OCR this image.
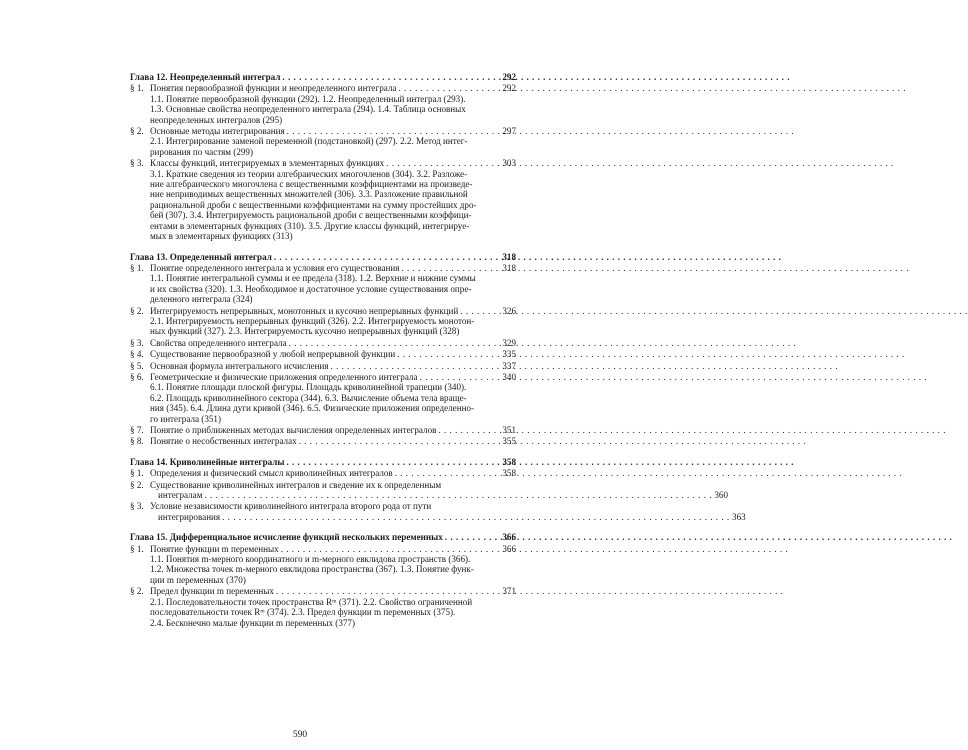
Глава 12. Неопределенный интеграл . . .	292
§ 1. Понятия первообразной функции и неопределенного интеграла . . .	292
1.1. Понятие первообразной функции (292). 1.2. Неопределенный интеграл (293).
1.3. Основные свойства неопределенного интеграла (294). 1.4. Таблица основных
неопределенных интегралов (295)
§ 2. Основные методы интегрирования . . .	297
2.1. Интегрирование заменой переменной (подстановкой) (297). 2.2. Метод интег-
рирования по частям (299)
§ 3. Классы функций, интегрируемых в элементарных функциях . . .	303
3.1. Краткие сведения из теории алгебраических многочленов (304). 3.2. Разложе-
ние алгебраического многочлена с вещественными коэффициентами на произведе-
ние неприводимых вещественных множителей (306). 3.3. Разложение правильной
рациональной дроби с вещественными коэффициентами на сумму простейших дро-
бей (307). 3.4. Интегрируемость рациональной дроби с вещественными коэффици-
ентами в элементарных функциях (310). 3.5. Другие классы функций, интегрируе-
мых в элементарных функциях (313)
Глава 13. Определенный интеграл . . .	318
§ 1. Понятие определенного интеграла и условия его существования . . .	318
1.1. Понятие интегральной суммы и ее предела (318). 1.2. Верхние и нижние суммы
и их свойства (320). 1.3. Необходимое и достаточное условие существования опре-
деленного интеграла (324)
§ 2. Интегрируемость непрерывных, монотонных и кусочно непрерывных функций . . .	326
2.1. Интегрируемость непрерывных функций (326). 2.2. Интегрируемость монотон-
ных функций (327). 2.3. Интегрируемость кусочно непрерывных функций (328)
§ 3. Свойства определенного интеграла . . .	329
§ 4. Существование первообразной у любой непрерывной функции . . .	335
§ 5. Основная формула интегрального исчисления . . .	337
§ 6. Геометрические и физические приложения определенного интеграла . . .	340
6.1. Понятие площади плоской фигуры. Площадь криволинейной трапеции (340).
6.2. Площадь криволинейного сектора (344). 6.3. Вычисление объема тела враще-
ния (345). 6.4. Длина дуги кривой (346). 6.5. Физические приложения определенно-
го интеграла (351)
§ 7. Понятие о приближенных методах вычисления определенных интегралов . . .	351
§ 8. Понятие о несобственных интегралах . . .	355
Глава 14. Криволинейные интегралы . . .	358
§ 1. Определения и физический смысл криволинейных интегралов . . .	358
§ 2. Существование криволинейных интегралов и сведение их к определенным
интегралам . . .	360
§ 3. Условие независимости криволинейного интеграла второго рода от пути
интегрирования . . .	363
Глава 15. Дифференциальное исчисление функций нескольких переменных . . .	366
§ 1. Понятие функции m переменных . . .	366
1.1. Понятия m-мерного координатного и m-мерного евклидова пространств (366).
1.2. Множества точек m-мерного евклидова пространства (367). 1.3. Понятие функ-
ции m переменных (370)
§ 2. Предел функции m переменных . . .	371
2.1. Последовательности точек пространства Rᵐ (371). 2.2. Свойство ограниченной
последовательности точек Rᵐ (374). 2.3. Предел функции m переменных (375).
2.4. Бесконечно малые функции m переменных (377)
590
